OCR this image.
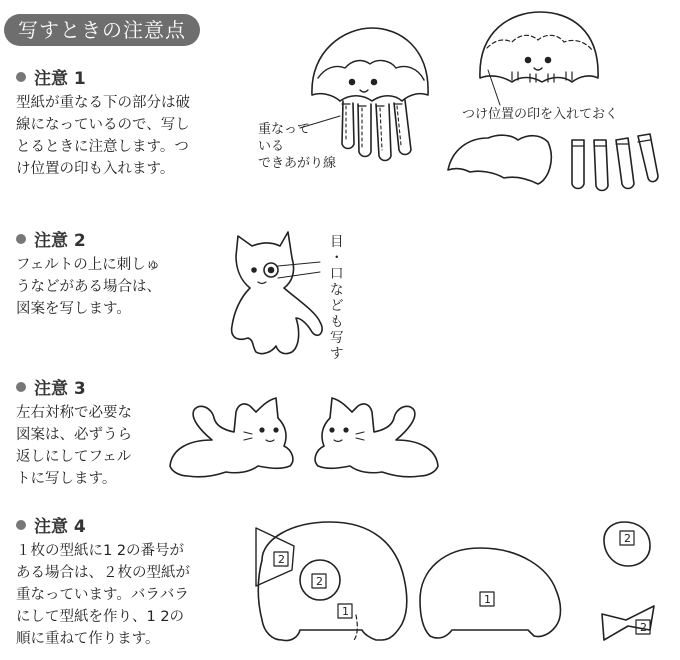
写すときの注意点
注意 1
型紙が重なる下の部分は破
線になっているので、写し
とるときに注意します。つ
け位置の印も入れます。
注意 2
フェルトの上に刺しゅ
うなどがある場合は、
図案を写します。
注意 3
左右対称で必要な
図案は、必ずうら
返しにしてフェル
トに写します。
注意 4
１枚の型紙に1 2の番号が
ある場合は、２枚の型紙が
重なっています。バラバラ
にして型紙を作り、1 2の
順に重ねて作ります。
重なって
いる
できあがり線
つけ位置の印を入れておく
目・口なども写す
1
2
2
1
2
2
